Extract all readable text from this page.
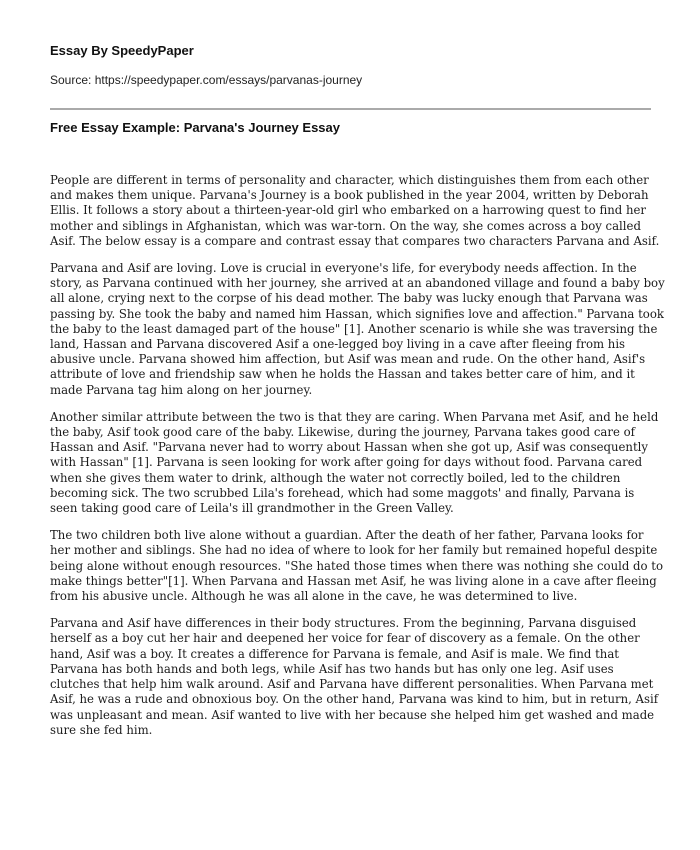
Essay By SpeedyPaper
Source: https://speedypaper.com/essays/parvanas-journey
Free Essay Example: Parvana's Journey Essay

People are different in terms of personality and character, which distinguishes them from each other and makes them unique. Parvana's Journey is a book published in the year 2004, written by Deborah Ellis. It follows a story about a thirteen-year-old girl who embarked on a harrowing quest to find her mother and siblings in Afghanistan, which was war-torn. On the way, she comes across a boy called Asif. The below essay is a compare and contrast essay that compares two characters Parvana and Asif.

Parvana and Asif are loving. Love is crucial in everyone's life, for everybody needs affection. In the story, as Parvana continued with her journey, she arrived at an abandoned village and found a baby boy all alone, crying next to the corpse of his dead mother. The baby was lucky enough that Parvana was passing by. She took the baby and named him Hassan, which signifies love and affection." Parvana took the baby to the least damaged part of the house" [1]. Another scenario is while she was traversing the land, Hassan and Parvana discovered Asif a one-legged boy living in a cave after fleeing from his abusive uncle. Parvana showed him affection, but Asif was mean and rude. On the other hand, Asif's attribute of love and friendship saw when he holds the Hassan and takes better care of him, and it made Parvana tag him along on her journey.

Another similar attribute between the two is that they are caring. When Parvana met Asif, and he held the baby, Asif took good care of the baby. Likewise, during the journey, Parvana takes good care of Hassan and Asif. "Parvana never had to worry about Hassan when she got up, Asif was consequently with Hassan" [1]. Parvana is seen looking for work after going for days without food. Parvana cared when she gives them water to drink, although the water not correctly boiled, led to the children becoming sick. The two scrubbed Lila's forehead, which had some maggots' and finally, Parvana is seen taking good care of Leila's ill grandmother in the Green Valley.

The two children both live alone without a guardian. After the death of her father, Parvana looks for her mother and siblings. She had no idea of where to look for her family but remained hopeful despite being alone without enough resources. "She hated those times when there was nothing she could do to make things better"[1]. When Parvana and Hassan met Asif, he was living alone in a cave after fleeing from his abusive uncle. Although he was all alone in the cave, he was determined to live.

Parvana and Asif have differences in their body structures. From the beginning, Parvana disguised herself as a boy cut her hair and deepened her voice for fear of discovery as a female. On the other hand, Asif was a boy. It creates a difference for Parvana is female, and Asif is male. We find that Parvana has both hands and both legs, while Asif has two hands but has only one leg. Asif uses clutches that help him walk around. Asif and Parvana have different personalities. When Parvana met Asif, he was a rude and obnoxious boy. On the other hand, Parvana was kind to him, but in return, Asif was unpleasant and mean. Asif wanted to live with her because she helped him get washed and made sure she fed him.
